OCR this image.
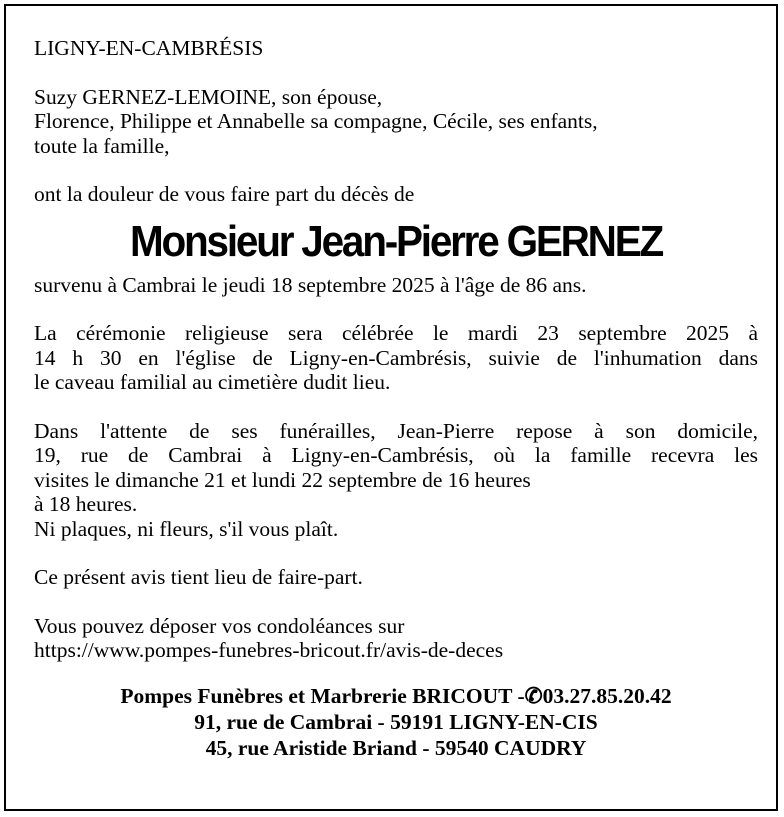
LIGNY-EN-CAMBRÉSIS

Suzy GERNEZ-LEMOINE, son épouse,
Florence, Philippe et Annabelle sa compagne, Cécile, ses enfants,
toute la famille,

ont la douleur de vous faire part du décès de

Monsieur Jean-Pierre GERNEZ

survenu à Cambrai le jeudi 18 septembre 2025 à l'âge de 86 ans.

La cérémonie religieuse sera célébrée le mardi 23 septembre 2025 à
14 h 30 en l'église de Ligny-en-Cambrésis, suivie de l'inhumation dans
le caveau familial au cimetière dudit lieu.
Dans l'attente de ses funérailles, Jean-Pierre repose à son domicile,
19, rue de Cambrai à Ligny-en-Cambrésis, où la famille recevra les
visites le dimanche 21 et lundi 22 septembre de 16 heures
à 18 heures.
Ni plaques, ni fleurs, s'il vous plaît.

Ce présent avis tient lieu de faire-part.

Vous pouvez déposer vos condoléances sur

https://www.pompes-funebres-bricout.fr/avis-de-deces

Pompes Funèbres et Marbrerie BRICOUT -✆03.27.85.20.42
91, rue de Cambrai - 59191 LIGNY-EN-CIS
45, rue Aristide Briand - 59540 CAUDRY
